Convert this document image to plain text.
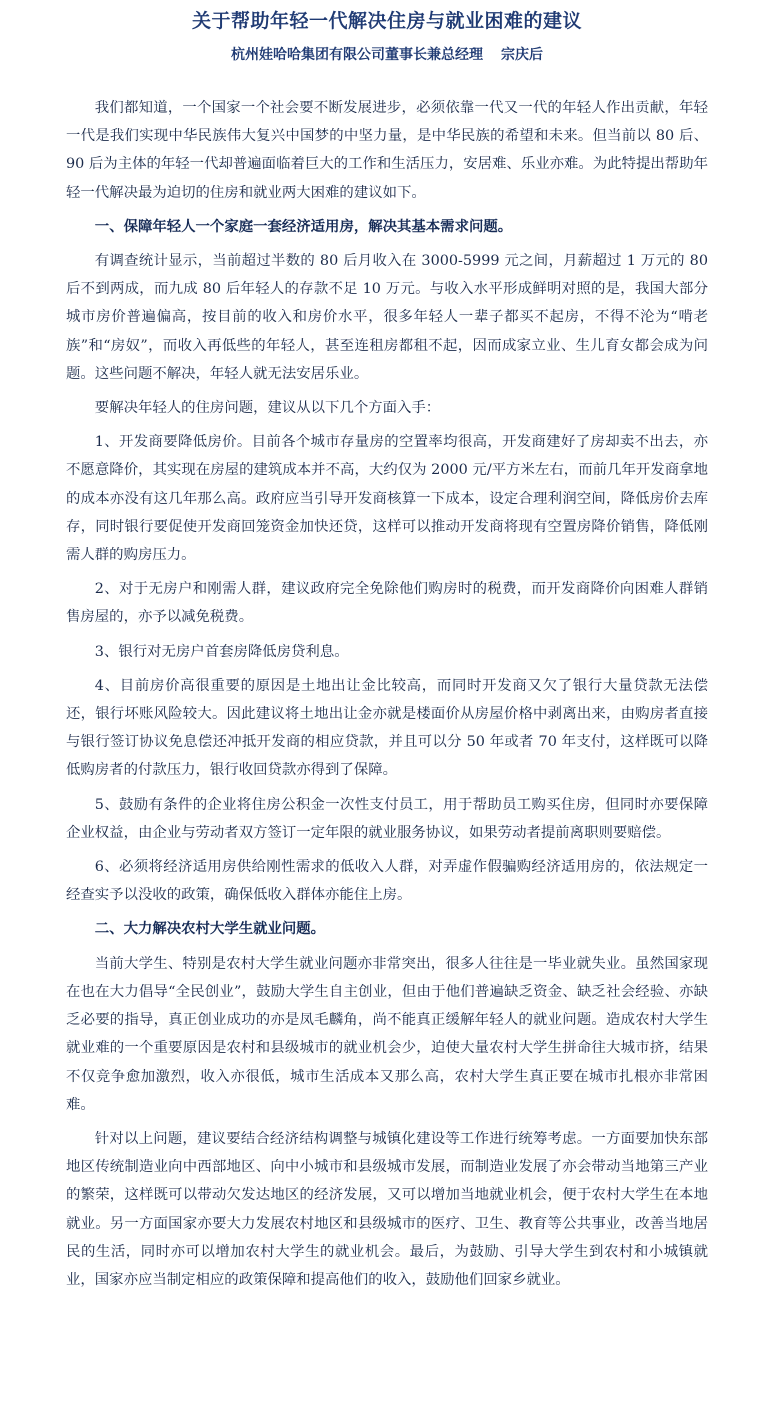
关于帮助年轻一代解决住房与就业困难的建议
杭州娃哈哈集团有限公司董事长兼总经理 宗庆后

我们都知道，一个国家一个社会要不断发展进步，必须依靠一代又一代的年轻人作出贡献，年轻一代是我们实现中华民族伟大复兴中国梦的中坚力量，是中华民族的希望和未来。但当前以 80 后、90 后为主体的年轻一代却普遍面临着巨大的工作和生活压力，安居难、乐业亦难。为此特提出帮助年轻一代解决最为迫切的住房和就业两大困难的建议如下。

一、保障年轻人一个家庭一套经济适用房，解决其基本需求问题。

有调查统计显示，当前超过半数的 80 后月收入在 3000-5999 元之间，月薪超过 1 万元的 80 后不到两成，而九成 80 后年轻人的存款不足 10 万元。与收入水平形成鲜明对照的是，我国大部分城市房价普遍偏高，按目前的收入和房价水平，很多年轻人一辈子都买不起房，不得不沦为“啃老族”和“房奴”，而收入再低些的年轻人，甚至连租房都租不起，因而成家立业、生儿育女都会成为问题。这些问题不解决，年轻人就无法安居乐业。

要解决年轻人的住房问题，建议从以下几个方面入手：

1、开发商要降低房价。目前各个城市存量房的空置率均很高，开发商建好了房却卖不出去，亦不愿意降价，其实现在房屋的建筑成本并不高，大约仅为 2000 元/平方米左右，而前几年开发商拿地的成本亦没有这几年那么高。政府应当引导开发商核算一下成本，设定合理利润空间，降低房价去库存，同时银行要促使开发商回笼资金加快还贷，这样可以推动开发商将现有空置房降价销售，降低刚需人群的购房压力。

2、对于无房户和刚需人群，建议政府完全免除他们购房时的税费，而开发商降价向困难人群销售房屋的，亦予以减免税费。

3、银行对无房户首套房降低房贷利息。

4、目前房价高很重要的原因是土地出让金比较高，而同时开发商又欠了银行大量贷款无法偿还，银行坏账风险较大。因此建议将土地出让金亦就是楼面价从房屋价格中剥离出来，由购房者直接与银行签订协议免息偿还冲抵开发商的相应贷款，并且可以分 50 年或者 70 年支付，这样既可以降低购房者的付款压力，银行收回贷款亦得到了保障。

5、鼓励有条件的企业将住房公积金一次性支付员工，用于帮助员工购买住房，但同时亦要保障企业权益，由企业与劳动者双方签订一定年限的就业服务协议，如果劳动者提前离职则要赔偿。

6、必须将经济适用房供给刚性需求的低收入人群，对弄虚作假骗购经济适用房的，依法规定一经查实予以没收的政策，确保低收入群体亦能住上房。

二、大力解决农村大学生就业问题。

当前大学生、特别是农村大学生就业问题亦非常突出，很多人往往是一毕业就失业。虽然国家现在也在大力倡导“全民创业”，鼓励大学生自主创业，但由于他们普遍缺乏资金、缺乏社会经验、亦缺乏必要的指导，真正创业成功的亦是凤毛麟角，尚不能真正缓解年轻人的就业问题。造成农村大学生就业难的一个重要原因是农村和县级城市的就业机会少，迫使大量农村大学生拼命往大城市挤，结果不仅竞争愈加激烈，收入亦很低，城市生活成本又那么高，农村大学生真正要在城市扎根亦非常困难。

针对以上问题，建议要结合经济结构调整与城镇化建设等工作进行统筹考虑。一方面要加快东部地区传统制造业向中西部地区、向中小城市和县级城市发展，而制造业发展了亦会带动当地第三产业的繁荣，这样既可以带动欠发达地区的经济发展，又可以增加当地就业机会，便于农村大学生在本地就业。另一方面国家亦要大力发展农村地区和县级城市的医疗、卫生、教育等公共事业，改善当地居民的生活，同时亦可以增加农村大学生的就业机会。最后，为鼓励、引导大学生到农村和小城镇就业，国家亦应当制定相应的政策保障和提高他们的收入，鼓励他们回家乡就业。
